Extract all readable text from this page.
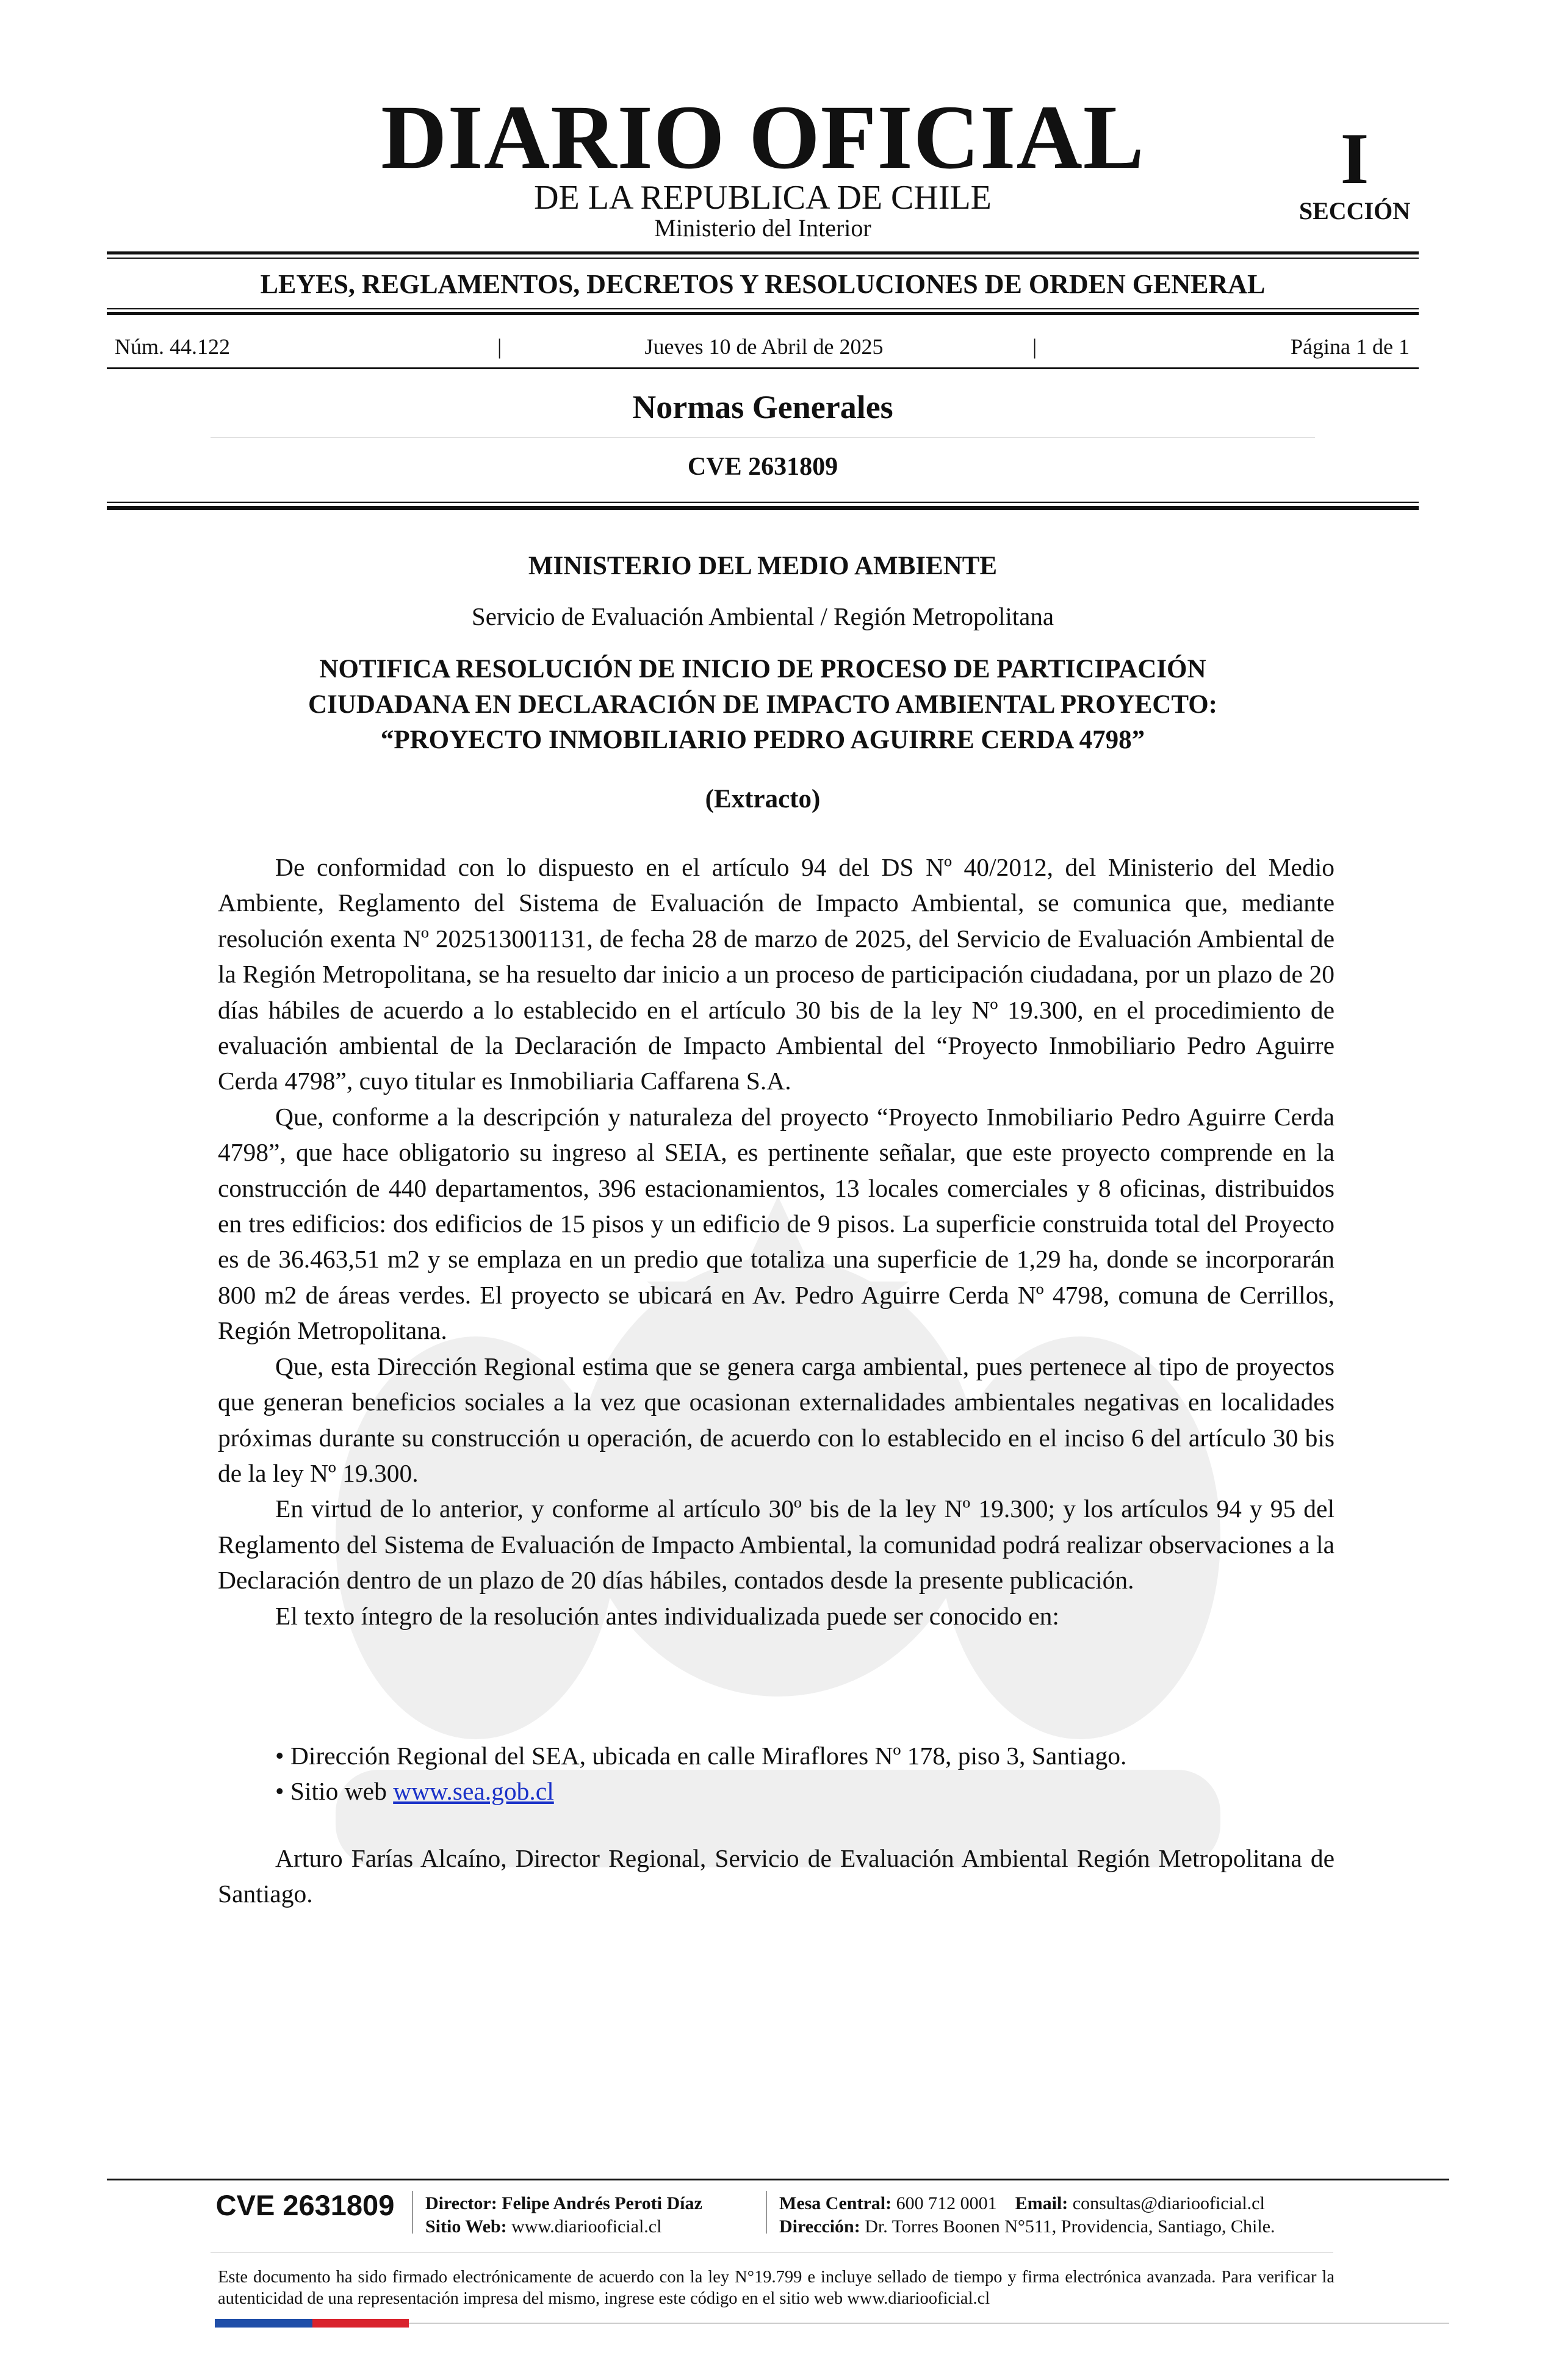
DIARIO OFICIAL
DE LA REPUBLICA DE CHILE
Ministerio del Interior
I
SECCIÓN
LEYES, REGLAMENTOS, DECRETOS Y RESOLUCIONES DE ORDEN GENERAL
Núm. 44.122	|	Jueves 10 de Abril de 2025	|	Página 1 de 1
Normas Generales
CVE 2631809
MINISTERIO DEL MEDIO AMBIENTE
Servicio de Evaluación Ambiental / Región Metropolitana
NOTIFICA RESOLUCIÓN DE INICIO DE PROCESO DE PARTICIPACIÓN
CIUDADANA EN DECLARACIÓN DE IMPACTO AMBIENTAL PROYECTO:
“PROYECTO INMOBILIARIO PEDRO AGUIRRE CERDA 4798”
(Extracto)

De conformidad con lo dispuesto en el artículo 94 del DS Nº 40/2012, del Ministerio del Medio Ambiente, Reglamento del Sistema de Evaluación de Impacto Ambiental, se comunica que, mediante resolución exenta Nº 202513001131, de fecha 28 de marzo de 2025, del Servicio de Evaluación Ambiental de la Región Metropolitana, se ha resuelto dar inicio a un proceso de participación ciudadana, por un plazo de 20 días hábiles de acuerdo a lo establecido en el artículo 30 bis de la ley Nº 19.300, en el procedimiento de evaluación ambiental de la Declaración de Impacto Ambiental del “Proyecto Inmobiliario Pedro Aguirre Cerda 4798”, cuyo titular es Inmobiliaria Caffarena S.A.

Que, conforme a la descripción y naturaleza del proyecto “Proyecto Inmobiliario Pedro Aguirre Cerda 4798”, que hace obligatorio su ingreso al SEIA, es pertinente señalar, que este proyecto comprende en la construcción de 440 departamentos, 396 estacionamientos, 13 locales comerciales y 8 oficinas, distribuidos en tres edificios: dos edificios de 15 pisos y un edificio de 9 pisos. La superficie construida total del Proyecto es de 36.463,51 m2 y se emplaza en un predio que totaliza una superficie de 1,29 ha, donde se incorporarán 800 m2 de áreas verdes. El proyecto se ubicará en Av. Pedro Aguirre Cerda Nº 4798, comuna de Cerrillos, Región Metropolitana.

Que, esta Dirección Regional estima que se genera carga ambiental, pues pertenece al tipo de proyectos que generan beneficios sociales a la vez que ocasionan externalidades ambientales negativas en localidades próximas durante su construcción u operación, de acuerdo con lo establecido en el inciso 6 del artículo 30 bis de la ley Nº 19.300.

En virtud de lo anterior, y conforme al artículo 30º bis de la ley Nº 19.300; y los artículos 94 y 95 del Reglamento del Sistema de Evaluación de Impacto Ambiental, la comunidad podrá realizar observaciones a la Declaración dentro de un plazo de 20 días hábiles, contados desde la presente publicación.

El texto íntegro de la resolución antes individualizada puede ser conocido en:

• Dirección Regional del SEA, ubicada en calle Miraflores Nº 178, piso 3, Santiago.
• Sitio web www.sea.gob.cl
Arturo Farías Alcaíno, Director Regional, Servicio de Evaluación Ambiental Región Metropolitana de Santiago.
CVE 2631809	Director: Felipe Andrés Peroti Díaz
Sitio Web: www.diariooficial.cl
Mesa Central: 600 712 0001 Email: consultas@diariooficial.cl
Dirección: Dr. Torres Boonen N°511, Providencia, Santiago, Chile.
Este documento ha sido firmado electrónicamente de acuerdo con la ley N°19.799 e incluye sellado de tiempo y firma electrónica avanzada. Para verificar la autenticidad de una representación impresa del mismo, ingrese este código en el sitio web www.diariooficial.cl
